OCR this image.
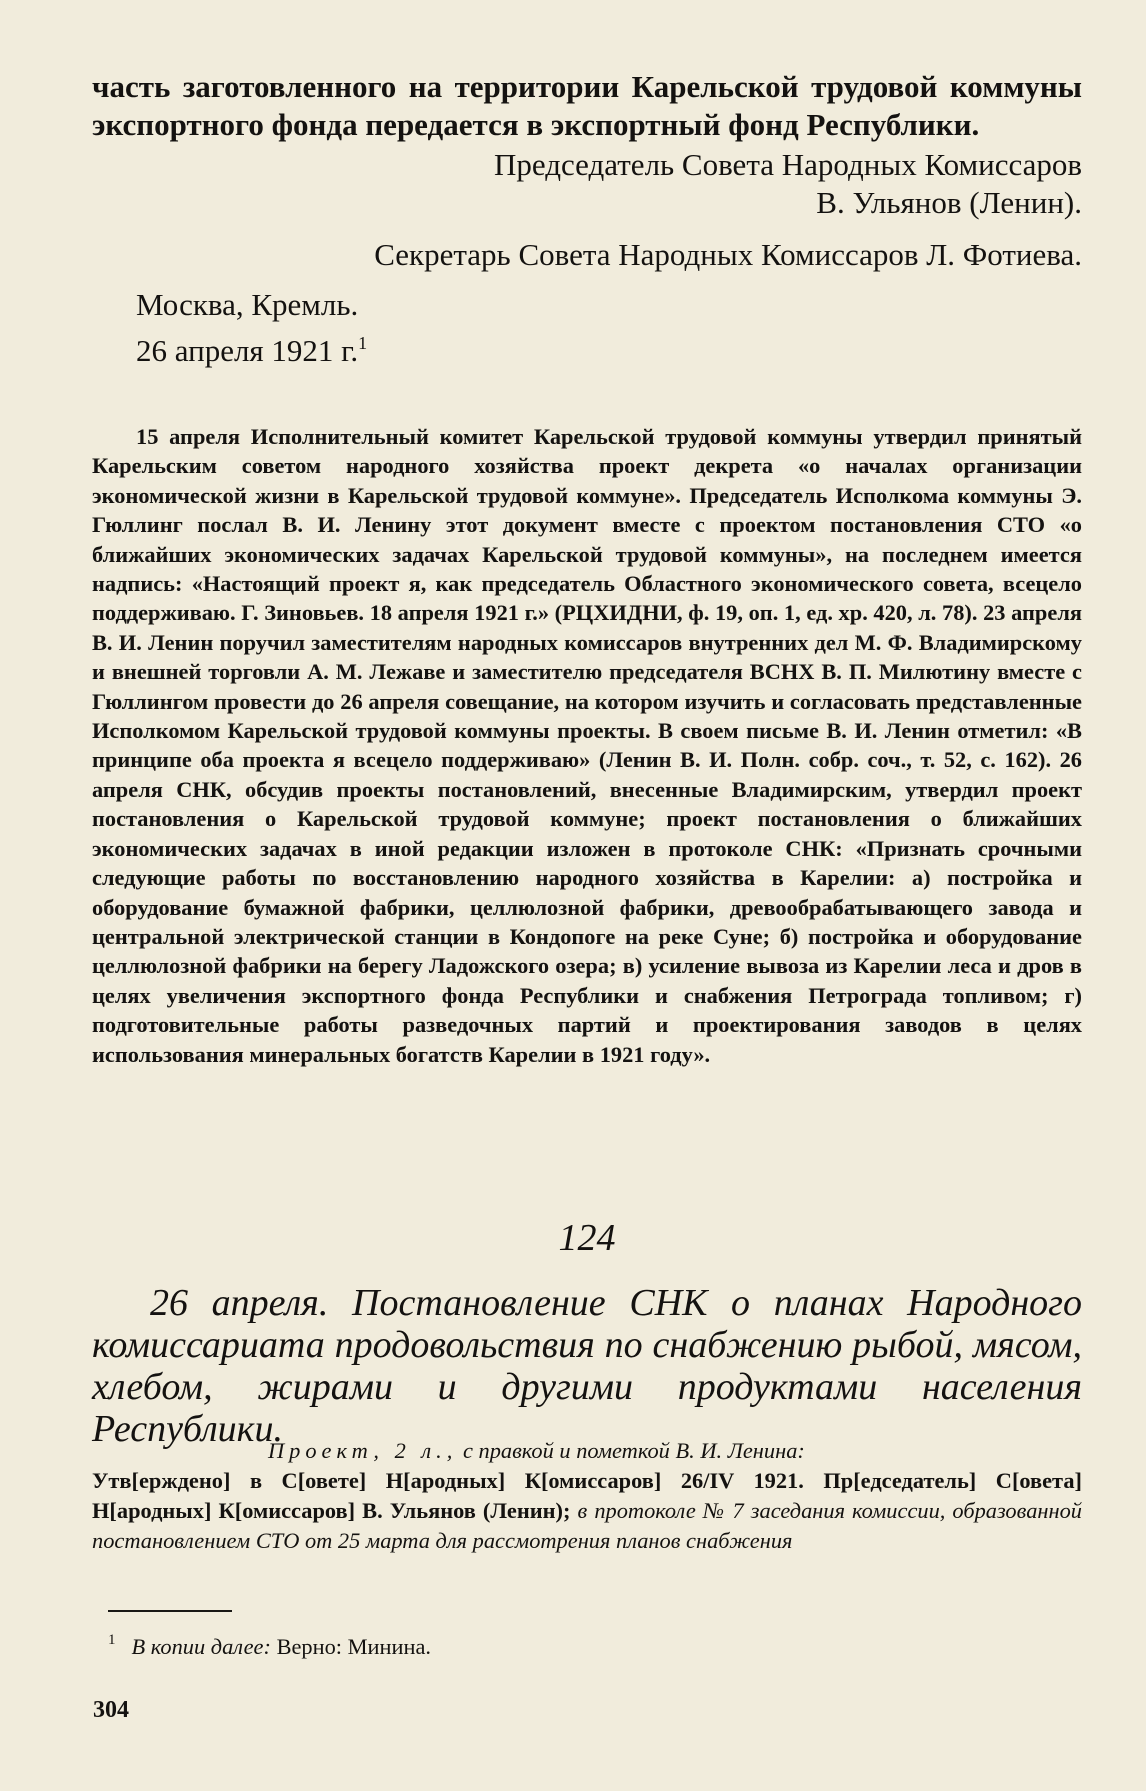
часть заготовленного на территории Карельской трудовой коммуны экспортного фонда передается в экспортный фонд Республики.

Председатель Совета Народных Комиссаров

В. Ульянов (Ленин).

Секретарь Совета Народных Комиссаров Л. Фотиева.

Москва, Кремль.

26 апреля 1921 г.$^1$

15 апреля Исполнительный комитет Карельской трудовой коммуны утвердил принятый Карельским советом народного хозяйства проект декрета «о началах организации экономической жизни в Карельской трудовой коммуне». Председатель Исполкома коммуны Э. Гюллинг послал В. И. Ленину этот документ вместе с проектом постановления СТО «о ближайших экономических задачах Карельской трудовой коммуны», на последнем имеется надпись: «Настоящий проект я, как председатель Областного экономического совета, всецело поддерживаю. Г. Зиновьев. 18 апреля 1921 г.» (РЦХИДНИ, ф. 19, оп. 1, ед. хр. 420, л. 78). 23 апреля В. И. Ленин поручил заместителям народных комиссаров внутренних дел М. Ф. Владимирскому и внешней торговли А. М. Лежаве и заместителю председателя ВСНХ В. П. Милютину вместе с Гюллингом провести до 26 апреля совещание, на котором изучить и согласовать представленные Исполкомом Карельской трудовой коммуны проекты. В своем письме В. И. Ленин отметил: «В принципе оба проекта я всецело поддерживаю» (Ленин В. И. Полн. собр. соч., т. 52, с. 162). 26 апреля СНК, обсудив проекты постановлений, внесенные Владимирским, утвердил проект постановления о Карельской трудовой коммуне; проект постановления о ближайших экономических задачах в иной редакции изложен в протоколе СНК: «Признать срочными следующие работы по восстановлению народного хозяйства в Карелии: а) постройка и оборудование бумажной фабрики, целлюлозной фабрики, древообрабатывающего завода и центральной электрической станции в Кондопоге на реке Суне; б) постройка и оборудование целлюлозной фабрики на берегу Ладожского озера; в) усиление вывоза из Карелии леса и дров в целях увеличения экспортного фонда Республики и снабжения Петрограда топливом; г) подготовительные работы разведочных партий и проектирования заводов в целях использования минеральных богатств Карелии в 1921 году».

124

26 апреля. Постановление СНК о планах Народного комиссариата продовольствия по снабжению рыбой, мясом, хлебом, жирами и другими продуктами населения Республики.

Проект, 2 л., с правкой и пометкой В. И. Ленина:

Утв[ерждено] в С[овете] Н[ародных] К[омиссаров] 26/IV 1921. Пр[едседатель] С[овета] Н[ародных] К[омиссаров] В. Ульянов (Ленин); в протоколе № 7 заседания комиссии, образованной постановлением СТО от 25 марта для рассмотрения планов снабжения

$^1$ В копии далее: Верно: Минина.
304
